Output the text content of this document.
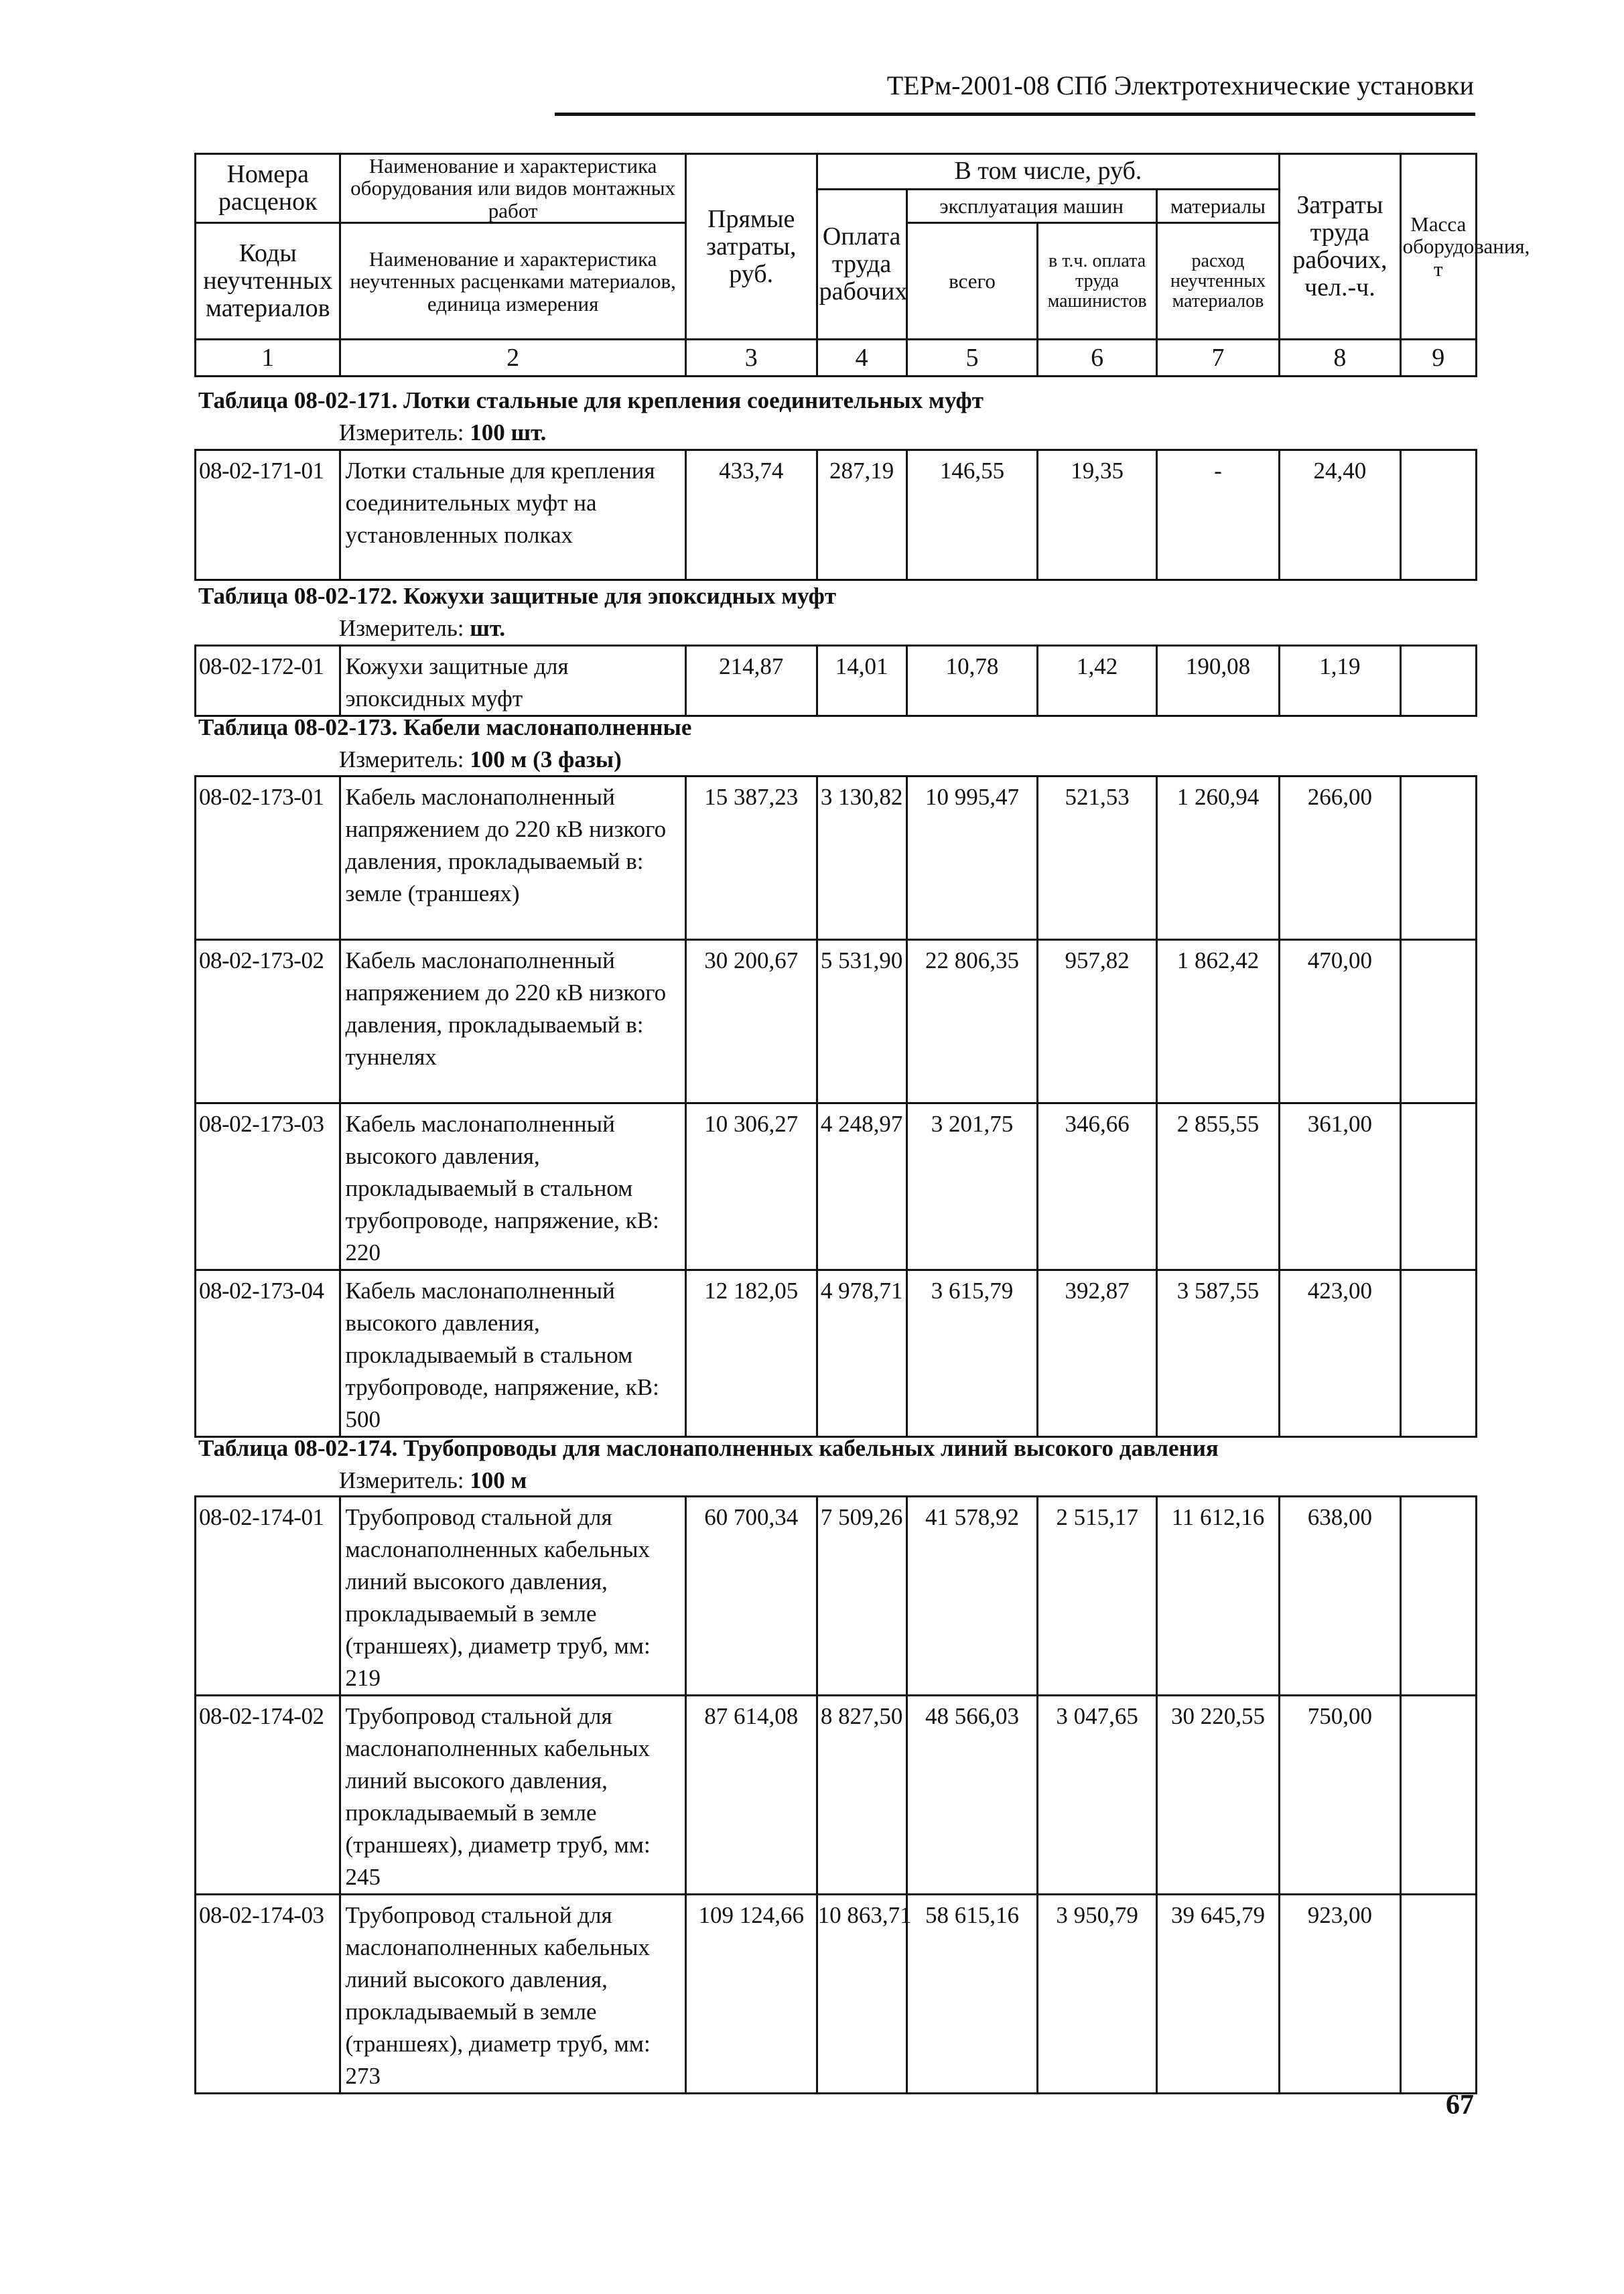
ТЕРм-2001-08 СПб Электротехнические установки
Номера расценок	Наименование и характеристика оборудования или видов монтажных работ	Прямые затраты, руб.	В том числе, руб.				Затраты труда рабочих, чел.-ч.	Масса оборудования, т
			Оплата труда рабочих	эксплуатация машин		материалы		
Коды неучтенных материалов	Наименование и характеристика неучтенных расценками материалов, единица измерения			всего	в т.ч. оплата труда машинистов	расход неучтенных материалов		

1	2	3	4	5	6	7	8	9
Таблица 08-02-171. Лотки стальные для крепления соединительных муфт
Измеритель: 100 шт.
08-02-171-01	Лотки стальные для крепления соединительных муфт на установленных полках	433,74	287,19	146,55	19,35	-	24,40	
Таблица 08-02-172. Кожухи защитные для эпоксидных муфт
Измеритель: шт.
08-02-172-01	Кожухи защитные для эпоксидных муфт	214,87	14,01	10,78	1,42	190,08	1,19	
Таблица 08-02-173. Кабели маслонаполненные
Измеритель: 100 м (3 фазы)
08-02-173-01	Кабель маслонаполненный напряжением до 220 кВ низкого давления, прокладываемый в: земле (траншеях)	15 387,23	3 130,82	10 995,47	521,53	1 260,94	266,00	
08-02-173-02	Кабель маслонаполненный напряжением до 220 кВ низкого давления, прокладываемый в: туннелях	30 200,67	5 531,90	22 806,35	957,82	1 862,42	470,00	
08-02-173-03	Кабель маслонаполненный высокого давления, прокладываемый в стальном трубопроводе, напряжение, кВ: 220	10 306,27	4 248,97	3 201,75	346,66	2 855,55	361,00	
08-02-173-04	Кабель маслонаполненный высокого давления, прокладываемый в стальном трубопроводе, напряжение, кВ: 500	12 182,05	4 978,71	3 615,79	392,87	3 587,55	423,00	
Таблица 08-02-174. Трубопроводы для маслонаполненных кабельных линий высокого давления
Измеритель: 100 м
08-02-174-01	Трубопровод стальной для маслонаполненных кабельных линий высокого давления, прокладываемый в земле (траншеях), диаметр труб, мм: 219	60 700,34	7 509,26	41 578,92	2 515,17	11 612,16	638,00	
08-02-174-02	Трубопровод стальной для маслонаполненных кабельных линий высокого давления, прокладываемый в земле (траншеях), диаметр труб, мм: 245	87 614,08	8 827,50	48 566,03	3 047,65	30 220,55	750,00	
08-02-174-03	Трубопровод стальной для маслонаполненных кабельных линий высокого давления, прокладываемый в земле (траншеях), диаметр труб, мм: 273	109 124,66	10 863,71	58 615,16	3 950,79	39 645,79	923,00	
67
